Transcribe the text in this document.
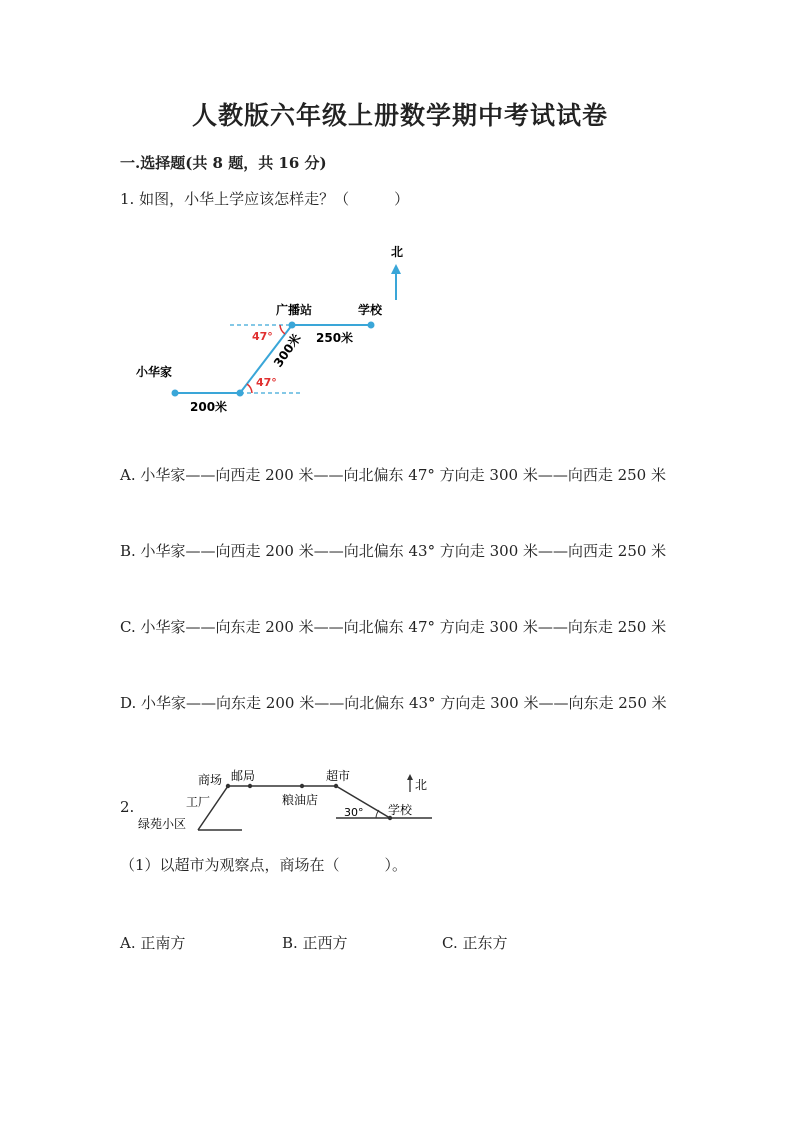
人教版六年级上册数学期中考试试卷
一.选择题(共 8 题，共 16 分)
1. 如图，小华上学应该怎样走？（　　　）
北
学校
广播站
小华家
200米
250米
300米
47°
47°
A. 小华家——向西走 200 米——向北偏东 47° 方向走 300 米——向西走 250 米
B. 小华家——向西走 200 米——向北偏东 43° 方向走 300 米——向西走 250 米
C. 小华家——向东走 200 米——向北偏东 47° 方向走 300 米——向东走 250 米
D. 小华家——向东走 200 米——向北偏东 43° 方向走 300 米——向东走 250 米
2.
商场 邮局	超市
北
工厂	粮油店
30° 学校
绿苑小区
（1）以超市为观察点，商场在（　　　）。
A. 正南方	B. 正西方	C. 正东方
